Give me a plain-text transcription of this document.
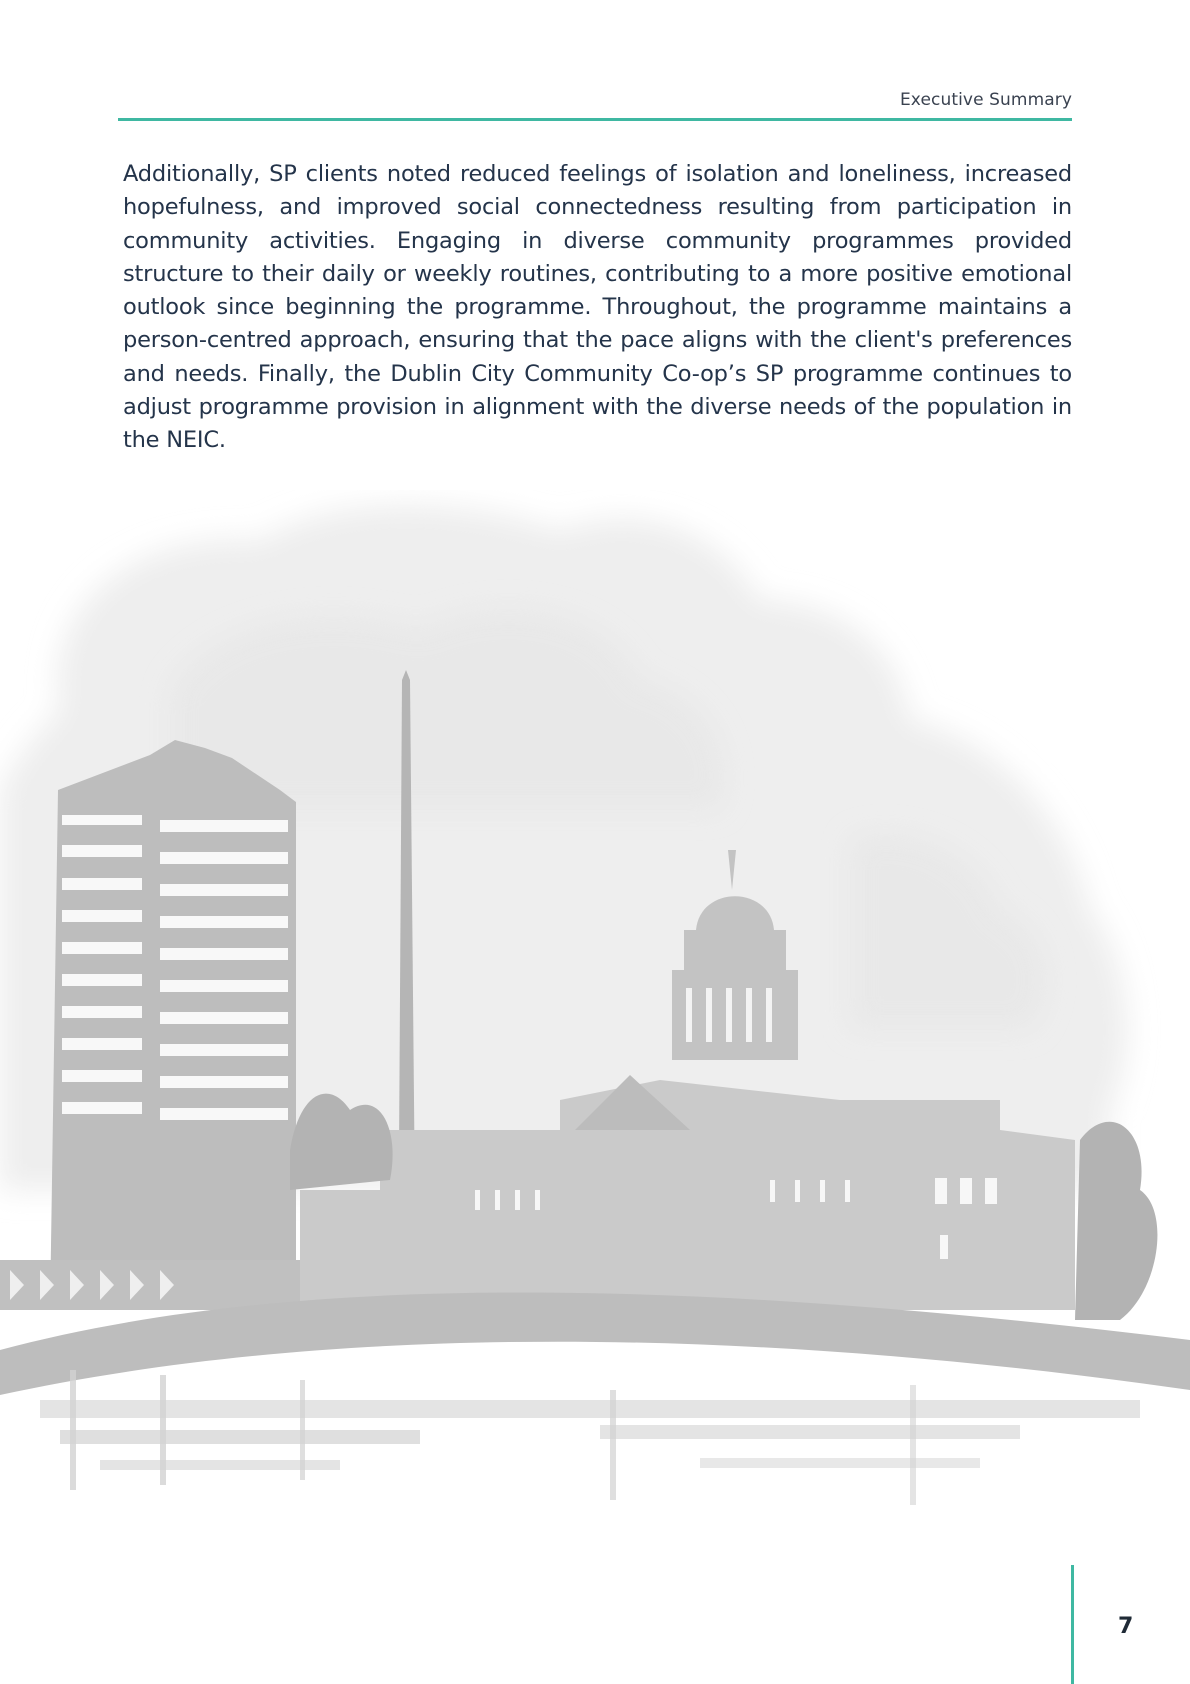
Executive Summary

Additionally, SP clients noted reduced feelings of isolation and loneliness, increased hopefulness, and improved social connectedness resulting from participation in community activities. Engaging in diverse community programmes provided structure to their daily or weekly routines, contributing to a more positive emotional outlook since beginning the programme. Throughout, the programme maintains a person-centred approach, ensuring that the pace aligns with the client's preferences and needs. Finally, the Dublin City Community Co-op’s SP programme continues to adjust programme provision in alignment with the diverse needs of the population in the NEIC.

7
